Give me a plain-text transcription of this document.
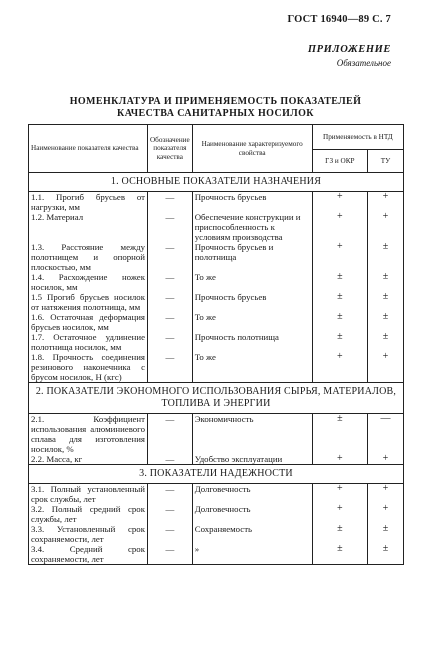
ГОСТ 16940—89 С. 7
ПРИЛОЖЕНИЕ
Обязательное
НОМЕНКЛАТУРА И ПРИМЕНЯЕМОСТЬ ПОКАЗАТЕЛЕЙ
КАЧЕСТВА САНИТАРНЫХ НОСИЛОК
Наименование показателя качества	Обозначение показателя качества	Наименование характеризуемого свойства	Применяемость в НТД	
			ГЗ и ОКР	ТУ
1. ОСНОВНЫЕ ПОКАЗАТЕЛИ НАЗНАЧЕНИЯ				
1.1. Прогиб брусьев от нагрузки, мм	—	Прочность брусьев	+	+
1.2. Материал	—	Обеспечение конструкции и приспособленность к условиям производства	+	+
1.3. Расстояние между полотнищем и опорной плоскостью, мм	—	Прочность брусьев и полотнища	+	±
1.4. Расхождение ножек носилок, мм	—	То же	±	±
1.5 Прогиб брусьев носилок от натяжения полотнища, мм	—	Прочность брусьев	±	±
1.6. Остаточная деформация брусьев носилок, мм	—	То же	±	±
1.7. Остаточное удлинение полотнища носилок, мм	—	Прочность полотнища	±	±
1.8. Прочность соединения резинового наконечника с брусом носилок, Н (кгс)	—	То же	+	+
2. ПОКАЗАТЕЛИ ЭКОНОМНОГО ИСПОЛЬЗОВАНИЯ СЫРЬЯ, МАТЕРИАЛОВ, ТОПЛИВА И ЭНЕРГИИ				
2.1. Коэффициент использования алюминиевого сплава для изготовления носилок, %	—	Экономичность	±	—
2.2. Масса, кг	—	Удобство эксплуатации	+	+
3. ПОКАЗАТЕЛИ НАДЕЖНОСТИ				
3.1. Полный установленный срок службы, лет	—	Долговечность	+	+
3.2. Полный средний срок службы, лет	—	Долговечность	+	+
3.3. Установленный срок сохраняемости, лет	—	Сохраняемость	±	±
3.4. Средний срок сохраняемости, лет	—	»	±	±
